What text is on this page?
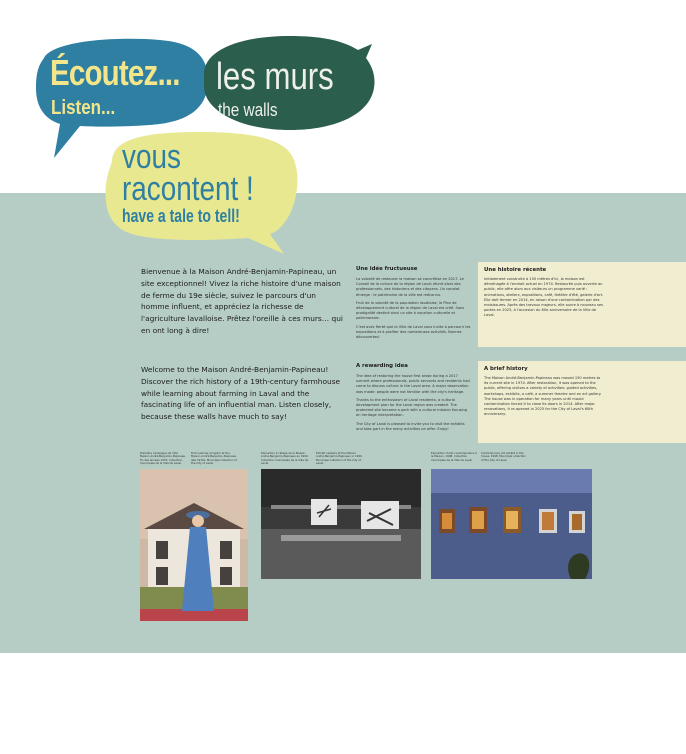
Écoutez...
Listen...
les murs
the walls
vous
racontent !
have a tale to tell!
Bienvenue à la Maison André-Benjamin-Papineau, un site exceptionnel! Vivez la riche histoire d'une maison de ferme du 19e siècle, suivez le parcours d'un homme influent, et appréciez la richesse de l'agriculture lavalloise. Prêtez l'oreille à ces murs… qui en ont long à dire!
Welcome to the Maison André-Benjamin-Papineau! Discover the rich history of a 19th-century farmhouse while learning about farming in Laval and the fascinating life of an influential man. Listen closely, because these walls have much to say!
Une idée fructueuse

La volonté de restaurer la maison se concrétise en 2017. Le Conseil de la culture de la région de Laval réunit alors des professionnels, des historiens et des citoyens. Un constat émerge : le patrimoine de la ville est méconnu.

Fruit de la volonté de la population lavalloise, le Plan de développement culturel de la région de Laval est créé. Sans prodigalité destiné ainsi un site à vocation culturelle et patrimoniale.

C'est avec fierté que la Ville de Laval vous invite à parcourir les expositions et à profiter des nombreuses activités. Bonnes découvertes!

A rewarding idea

The idea of restoring the house first arose during a 2017 summit where professionals, public servants and residents had come to discuss culture in the Laval area. A major observation was made: people were not familiar with the city's heritage.

Thanks to the enthusiasm of Laval residents, a cultural development plan for the Laval region was created. The protected site became a park with a cultural mission focusing on heritage interpretation.

The City of Laval is pleased to invite you to visit the exhibits and take part in the many activities on offer. Enjoy!

Une histoire récente
Initialement construite à 150 mètres d'ici, la maison est déménagée à l'endroit actuel en 1974. Restaurée puis ouverte au public, elle offre alors aux visiteurs un programme varié : animations, ateliers, expositions, café, théâtre d'été, galerie d'art. Elle doit fermer en 2014, en raison d'une contamination par des moisissures. Après des travaux majeurs, elle ouvre à nouveau ses portes en 2025, à l'occasion du 60e anniversaire de la Ville de Laval.
A brief history
The Maison André-Benjamin-Papineau was moved 150 metres to its current site in 1974. After restoration, it was opened to the public, offering visitors a variety of activities: guided activities, workshops, exhibits, a café, a summer theatre and an art gallery. The house was in operation for many years until mould contamination forced it to close its doors in 2014. After major renovations, it re-opened in 2025 for the City of Laval's 60th anniversary.
Première campagne de l'été Maison André-Benjamin-Papineau, fin des années 1970. Collection municipale de la Ville de Laval.
First summer program at the Maison André-Benjamin-Papineau, late 1970s. Municipal collection of the City of Laval.
Exposition à l'étage de la Maison André-Benjamin-Papineau en 1990. Collection municipale de la Ville de Laval.
Exhibit upstairs at the Maison André-Benjamin-Papineau in 1990. Municipal collection of the City of Laval.
Exposition d'arts contemporains à la Maison, 1998. Collection municipale de la Ville de Laval.
Contemporary art exhibit in the house, 1998. Municipal collection of the City of Laval.
